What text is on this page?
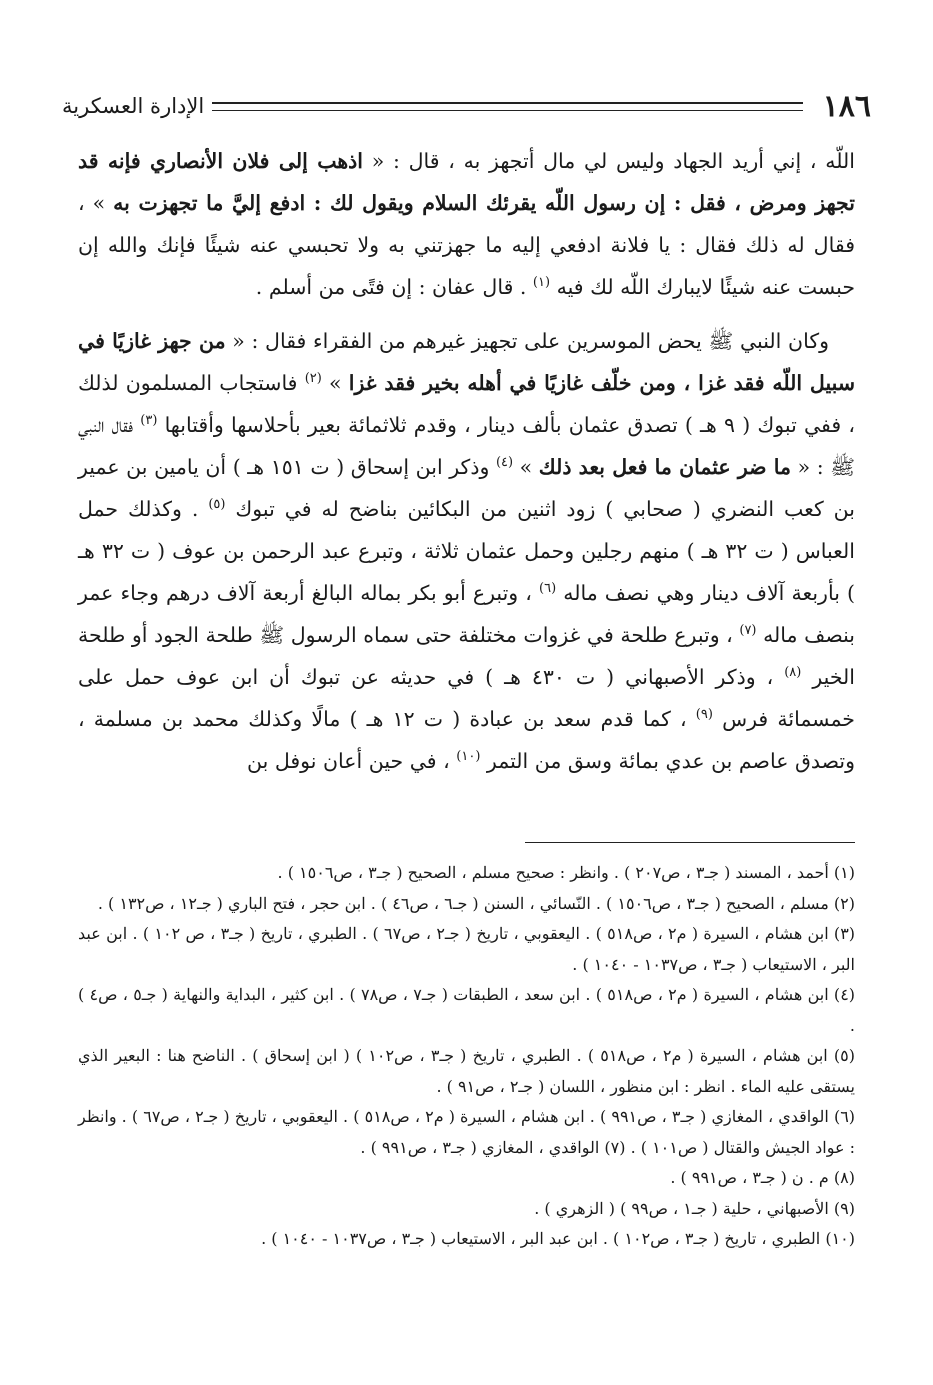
١٨٦
الإدارة العسكرية

اللّه ، إني أريد الجهاد وليس لي مال أتجهز به ، قال : « اذهب إلى فلان الأنصاري فإنه قد تجهز ومرض ، فقل : إن رسول اللّه يقرئك السلام ويقول لك : ادفع إليَّ ما تجهزت به » ، فقال له ذلك فقال : يا فلانة ادفعي إليه ما جهزتني به ولا تحبسي عنه شيئًا فإنك والله إن حبست عنه شيئًا لايبارك اللّه لك فيه $^{(١)}$ . قال عفان : إن فتًى من أسلم .

وكان النبي ﷺ يحض الموسرين على تجهيز غيرهم من الفقراء فقال : « من جهز غازيًا في سبيل اللّه فقد غزا ، ومن خلّف غازيًا في أهله بخير فقد غزا » $^{(٢)}$ فاستجاب المسلمون لذلك ، ففي تبوك ( ٩ هـ ) تصدق عثمان بألف دينار ، وقدم ثلاثمائة بعير بأحلاسها وأقتابها $^{(٣)}$ فقال النبي ﷺ : « ما ضر عثمان ما فعل بعد ذلك » $^{(٤)}$ وذكر ابن إسحاق ( ت ١٥١ هـ ) أن يامين بن عمير بن كعب النضري ( صحابي ) زود اثنين من البكائين بناضح له في تبوك $^{(٥)}$ . وكذلك حمل العباس ( ت ٣٢ هـ ) منهم رجلين وحمل عثمان ثلاثة ، وتبرع عبد الرحمن بن عوف ( ت ٣٢ هـ ) بأربعة آلاف دينار وهي نصف ماله $^{(٦)}$ ، وتبرع أبو بكر بماله البالغ أربعة آلاف درهم وجاء عمر بنصف ماله $^{(٧)}$ ، وتبرع طلحة في غزوات مختلفة حتى سماه الرسول ﷺ طلحة الجود أو طلحة الخير $^{(٨)}$ ، وذكر الأصبهاني ( ت ٤٣٠ هـ ) في حديثه عن تبوك أن ابن عوف حمل على خمسمائة فرس $^{(٩)}$ ، كما قدم سعد بن عبادة ( ت ١٢ هـ ) مالًا وكذلك محمد بن مسلمة ، وتصدق عاصم بن عدي بمائة وسق من التمر $^{(١٠)}$ ، في حين أعان نوفل بن

(١) أحمد ، المسند ( جـ٣ ، ص٢٠٧ ) . وانظر : صحيح مسلم ، الصحيح ( جـ٣ ، ص١٥٠٦ ) .

(٢) مسلم ، الصحيح ( جـ٣ ، ص١٥٠٦ ) . النّسائي ، السنن ( جـ٦ ، ص٤٦ ) . ابن حجر ، فتح الباري ( جـ١٢ ، ص١٣٢ ) .

(٣) ابن هشام ، السيرة ( م٢ ، ص٥١٨ ) . اليعقوبي ، تاريخ ( جـ٢ ، ص٦٧ ) . الطبري ، تاريخ ( جـ٣ ، ص ١٠٢ ) . ابن عبد البر ، الاستيعاب ( جـ٣ ، ص١٠٣٧ - ١٠٤٠ ) .

(٤) ابن هشام ، السيرة ( م٢ ، ص٥١٨ ) . ابن سعد ، الطبقات ( جـ٧ ، ص٧٨ ) . ابن كثير ، البداية والنهاية ( جـ٥ ، ص٤ ) .

(٥) ابن هشام ، السيرة ( م٢ ، ص٥١٨ ) . الطبري ، تاريخ ( جـ٣ ، ص١٠٢ ) ( ابن إسحاق ) . الناضح هنا : البعير الذي يستقى عليه الماء . انظر : ابن منظور ، اللسان ( جـ٢ ، ص٩١ ) .

(٦) الواقدي ، المغازي ( جـ٣ ، ص٩٩١ ) . ابن هشام ، السيرة ( م٢ ، ص٥١٨ ) . اليعقوبي ، تاريخ ( جـ٢ ، ص٦٧ ) . وانظر : عواد الجيش والقتال ( ص١٠١ ) . (٧) الواقدي ، المغازي ( جـ٣ ، ص٩٩١ ) .

(٨) م . ن ( جـ٣ ، ص٩٩١ ) .

(٩) الأصبهاني ، حلية ( جـ١ ، ص٩٩ ) ( الزهري ) .

(١٠) الطبري ، تاريخ ( جـ٣ ، ص١٠٢ ) . ابن عبد البر ، الاستيعاب ( جـ٣ ، ص١٠٣٧ - ١٠٤٠ ) .
